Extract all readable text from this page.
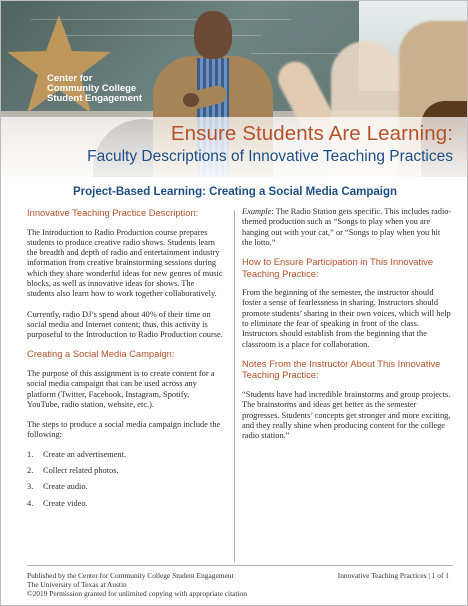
Center for
Community College
Student Engagement
Ensure Students Are Learning:
Faculty Descriptions of Innovative Teaching Practices
Project-Based Learning: Creating a Social Media Campaign
Innovative Teaching Practice Description:
The Introduction to Radio Production course prepares students to produce creative radio shows. Students learn the breadth and depth of radio and entertainment industry information from creative brainstorming sessions during which they share wonderful ideas for new genres of music blocks, as well as innovative ideas for shows. The students also learn how to work together collaboratively.
Currently, radio DJ’s spend about 40% of their time on social media and Internet content; thus, this activity is purposeful to the Introduction to Radio Production course.
Creating a Social Media Campaign:
The purpose of this assignment is to create content for a social media campaign that can be used across any platform (Twitter, Facebook, Instagram, Spotify, YouTube, radio station, website, etc.).
The steps to produce a social media campaign include the following:
1.	Create an advertisement.
2.	Collect related photos.
3.	Create audio.
4.	Create video.
Example: The Radio Station gets specific. This includes radio-themed production such as “Songs to play when you are hanging out with your cat,” or “Songs to play when you hit the lotto.”
How to Ensure Participation in This Innovative Teaching Practice:
From the beginning of the semester, the instructor should foster a sense of fearlessness in sharing. Instructors should promote students’ sharing in their own voices, which will help to eliminate the fear of speaking in front of the class. Instructors should establish from the beginning that the classroom is a place for collaboration.
Notes From the Instructor About This Innovative Teaching Practice:
“Students have had incredible brainstorms and group projects. The brainstorms and ideas get better as the semester progresses. Students’ concepts get stronger and more exciting, and they really shine when producing content for the college radio station.”
Published by the Center for Community College Student Engagement
The University of Texas at Austin
©2019 Permission granted for unlimited copying with appropriate citation
Innovative Teaching Practices | 1 of 1
